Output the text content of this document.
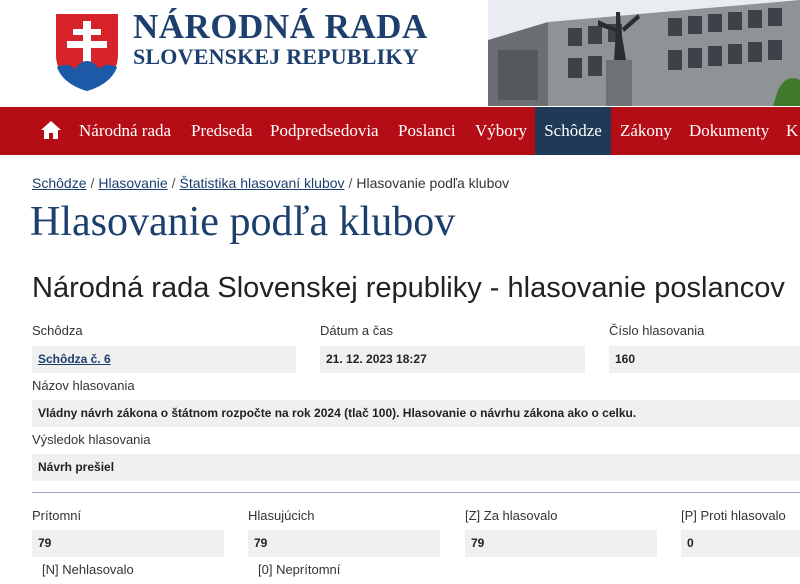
NÁRODNÁ RADA
SLOVENSKEJ REPUBLIKY
Národná rada Predseda Podpredsedovia Poslanci Výbory	Schôdze	Zákony Dokumenty K
Schôdze / Hlasovanie / Štatistika hlasovaní klubov / Hlasovanie podľa klubov
Hlasovanie podľa klubov
Národná rada Slovenskej republiky - hlasovanie poslancov
Schôdza
Schôdza č. 6
Dátum a čas
21. 12. 2023 18:27
Číslo hlasovania
160
Názov hlasovania
Vládny návrh zákona o štátnom rozpočte na rok 2024 (tlač 100). Hlasovanie o návrhu zákona ako o celku.
Výsledok hlasovania
Návrh prešiel
Prítomní
79
Hlasujúcich
79
[Z] Za hlasovalo
79
[P] Proti hlasovalo
0
[N] Nehlasovalo	[0] Neprítomní
